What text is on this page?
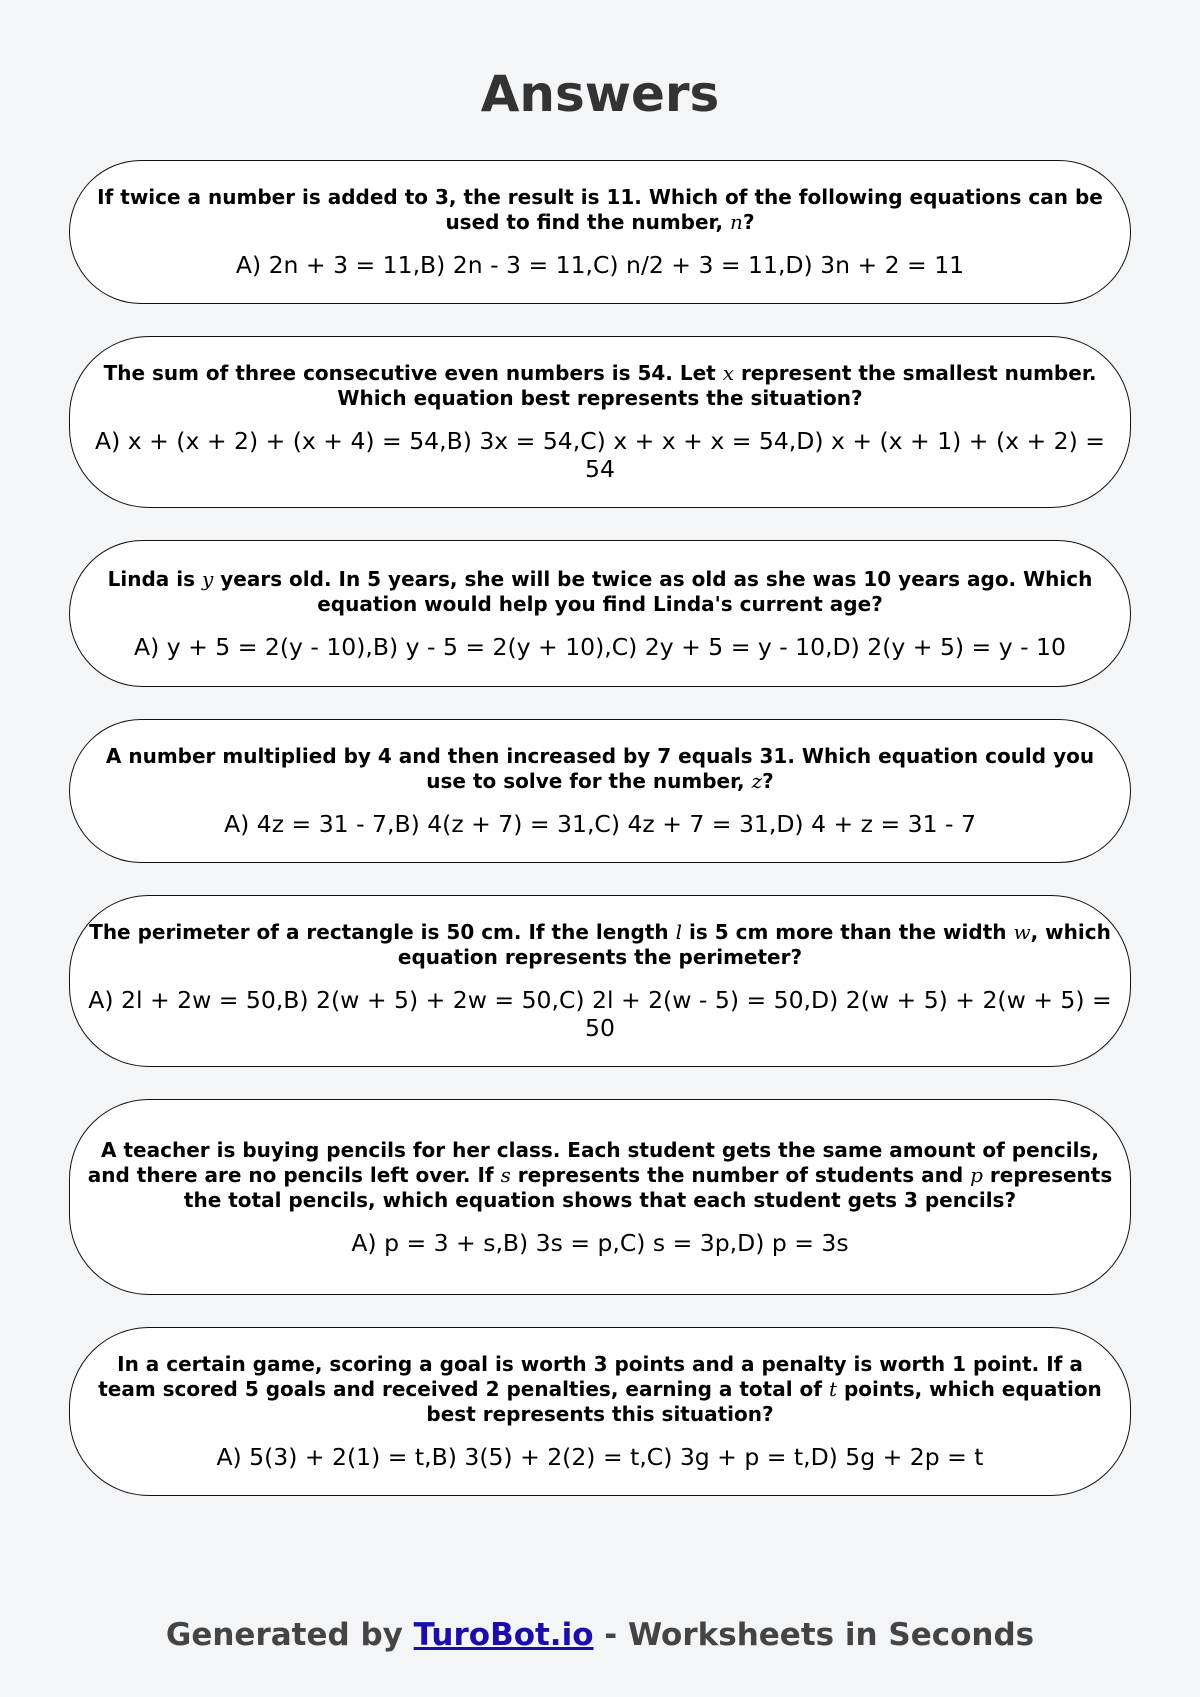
Answers

If twice a number is added to 3, the result is 11. Which of the following equations can be used to find the number, n?

A) 2n + 3 = 11,B) 2n - 3 = 11,C) n/2 + 3 = 11,D) 3n + 2 = 11

The sum of three consecutive even numbers is 54. Let x represent the smallest number. Which equation best represents the situation?

A) x + (x + 2) + (x + 4) = 54,B) 3x = 54,C) x + x + x = 54,D) x + (x + 1) + (x + 2) = 54

Linda is y years old. In 5 years, she will be twice as old as she was 10 years ago. Which equation would help you find Linda's current age?

A) y + 5 = 2(y - 10),B) y - 5 = 2(y + 10),C) 2y + 5 = y - 10,D) 2(y + 5) = y - 10

A number multiplied by 4 and then increased by 7 equals 31. Which equation could you use to solve for the number, z?

A) 4z = 31 - 7,B) 4(z + 7) = 31,C) 4z + 7 = 31,D) 4 + z = 31 - 7

The perimeter of a rectangle is 50 cm. If the length l is 5 cm more than the width w, which equation represents the perimeter?

A) 2l + 2w = 50,B) 2(w + 5) + 2w = 50,C) 2l + 2(w - 5) = 50,D) 2(w + 5) + 2(w + 5) = 50

A teacher is buying pencils for her class. Each student gets the same amount of pencils, and there are no pencils left over. If s represents the number of students and p represents the total pencils, which equation shows that each student gets 3 pencils?

A) p = 3 + s,B) 3s = p,C) s = 3p,D) p = 3s

In a certain game, scoring a goal is worth 3 points and a penalty is worth 1 point. If a team scored 5 goals and received 2 penalties, earning a total of t points, which equation best represents this situation?

A) 5(3) + 2(1) = t,B) 3(5) + 2(2) = t,C) 3g + p = t,D) 5g + 2p = t

Generated by TuroBot.io - Worksheets in Seconds
